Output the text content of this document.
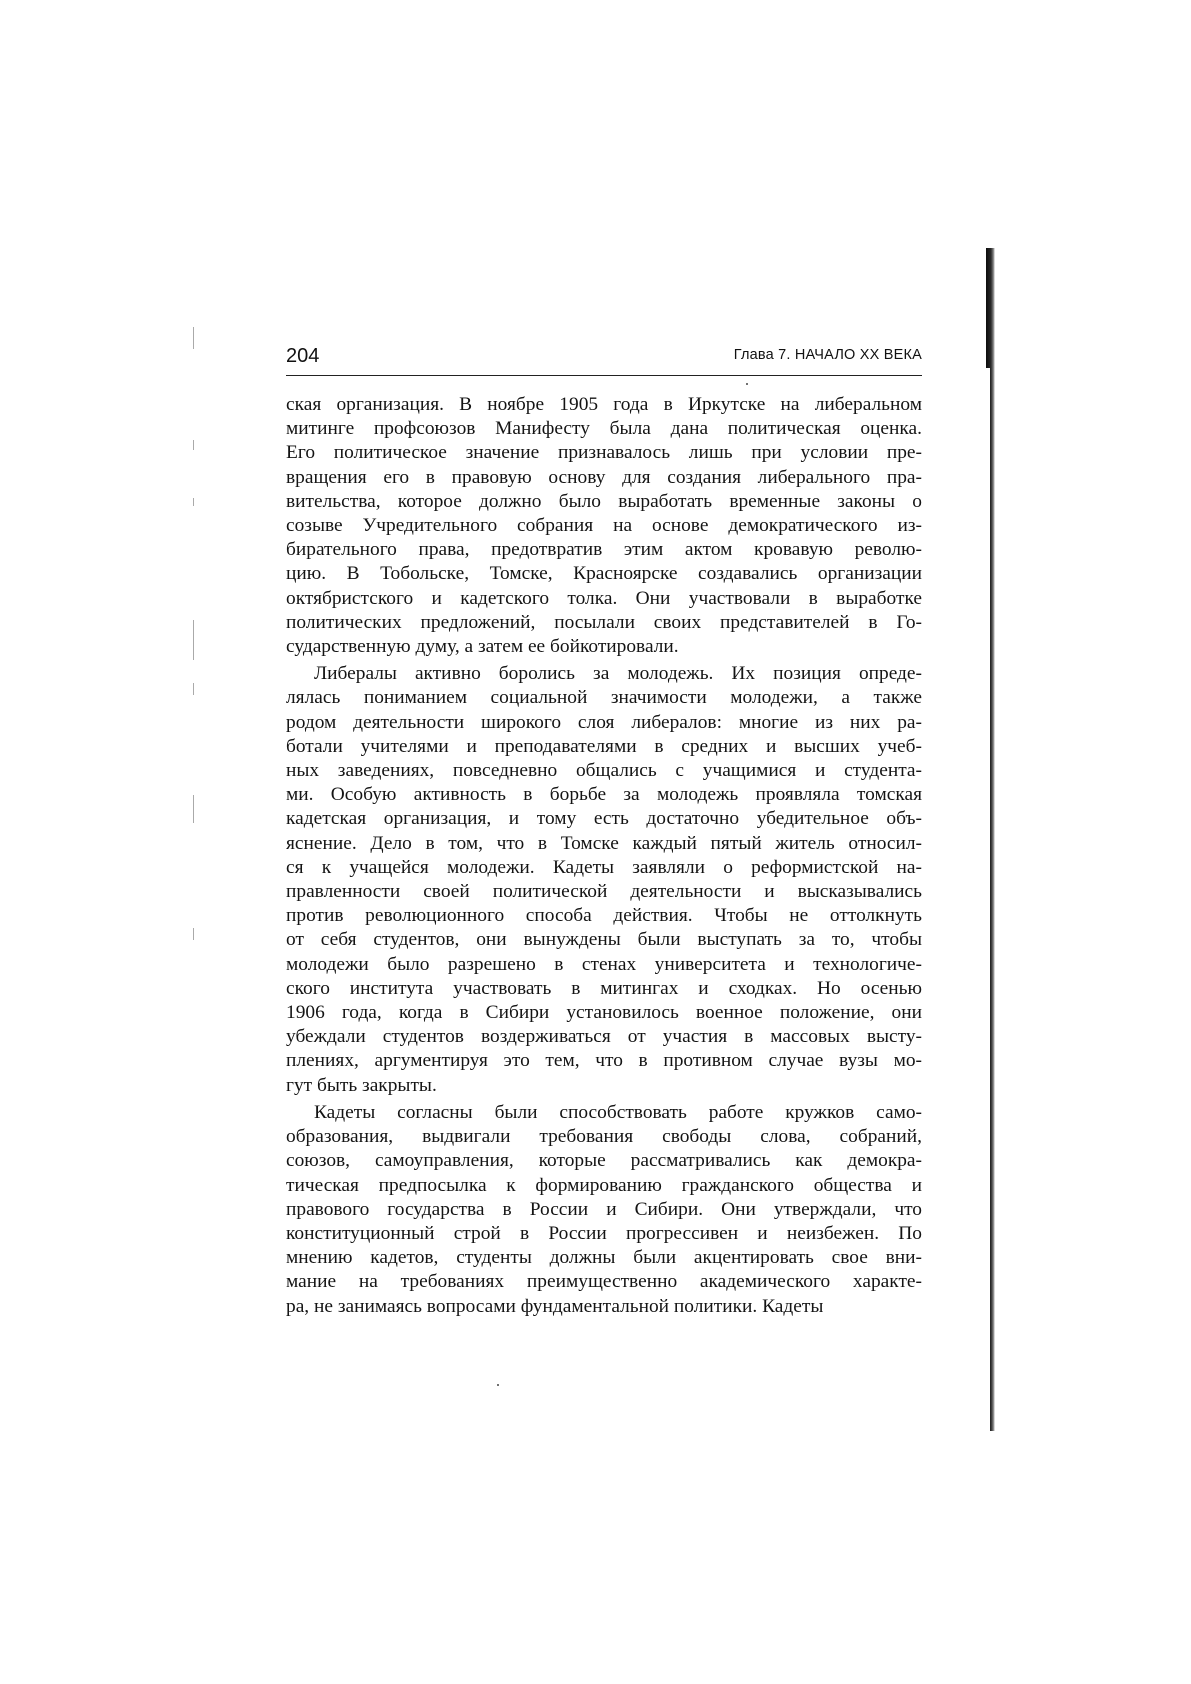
204	Глава 7. НАЧАЛО XX ВЕКА
ская организация. В ноябре 1905 года в Иркутске на либеральном
митинге профсоюзов Манифесту была дана политическая оценка.
Его политическое значение признавалось лишь при условии пре-
вращения его в правовую основу для создания либерального пра-
вительства, которое должно было выработать временные законы о
созыве Учредительного собрания на основе демократического из-
бирательного права, предотвратив этим актом кровавую револю-
цию. В Тобольске, Томске, Красноярске создавались организации
октябристского и кадетского толка. Они участвовали в выработке
политических предложений, посылали своих представителей в Го-
сударственную думу, а затем ее бойкотировали.
Либералы активно боролись за молодежь. Их позиция опреде-
лялась пониманием социальной значимости молодежи, а также
родом деятельности широкого слоя либералов: многие из них ра-
ботали учителями и преподавателями в средних и высших учеб-
ных заведениях, повседневно общались с учащимися и студента-
ми. Особую активность в борьбе за молодежь проявляла томская
кадетская организация, и тому есть достаточно убедительное объ-
яснение. Дело в том, что в Томске каждый пятый житель относил-
ся к учащейся молодежи. Кадеты заявляли о реформистской на-
правленности своей политической деятельности и высказывались
против революционного способа действия. Чтобы не оттолкнуть
от себя студентов, они вынуждены были выступать за то, чтобы
молодежи было разрешено в стенах университета и технологиче-
ского института участвовать в митингах и сходках. Но осенью
1906 года, когда в Сибири установилось военное положение, они
убеждали студентов воздерживаться от участия в массовых высту-
плениях, аргументируя это тем, что в противном случае вузы мо-
гут быть закрыты.
Кадеты согласны были способствовать работе кружков само-
образования, выдвигали требования свободы слова, собраний,
союзов, самоуправления, которые рассматривались как демокра-
тическая предпосылка к формированию гражданского общества и
правового государства в России и Сибири. Они утверждали, что
конституционный строй в России прогрессивен и неизбежен. По
мнению кадетов, студенты должны были акцентировать свое вни-
мание на требованиях преимущественно академического характе-
ра, не занимаясь вопросами фундаментальной политики. Кадеты
